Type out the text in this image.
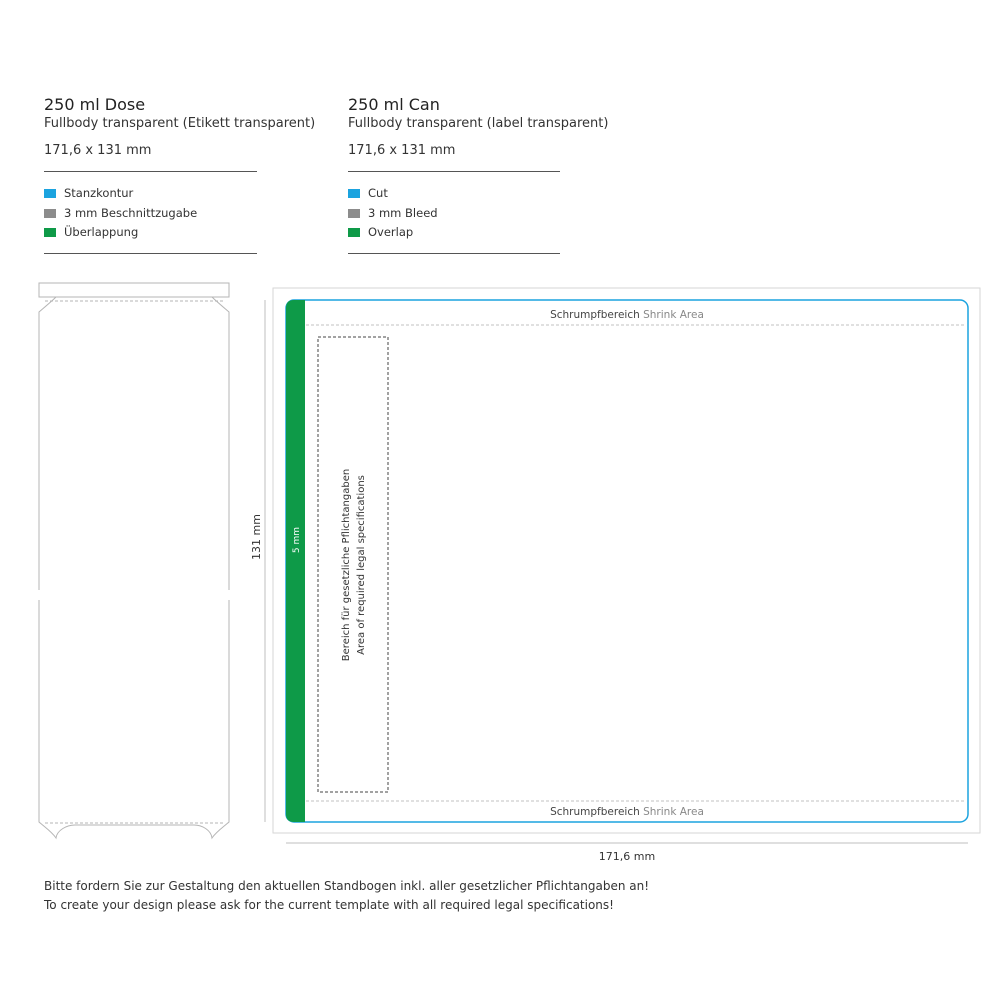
250 ml Dose
Fullbody transparent (Etikett transparent)
171,6 x 131 mm
Stanzkontur
3 mm Beschnittzugabe
Überlappung
250 ml Can
Fullbody transparent (label transparent)
171,6 x 131 mm
Cut
3 mm Bleed
Overlap
Schrumpfbereich Shrink Area
Schrumpfbereich Shrink Area
5 mm	Bereich für gesetzliche Pflichtangaben Area of required legal specifications
131 mm
171,6 mm
Bitte fordern Sie zur Gestaltung den aktuellen Standbogen inkl. aller gesetzlicher Pflichtangaben an!
To create your design please ask for the current template with all required legal specifications!
